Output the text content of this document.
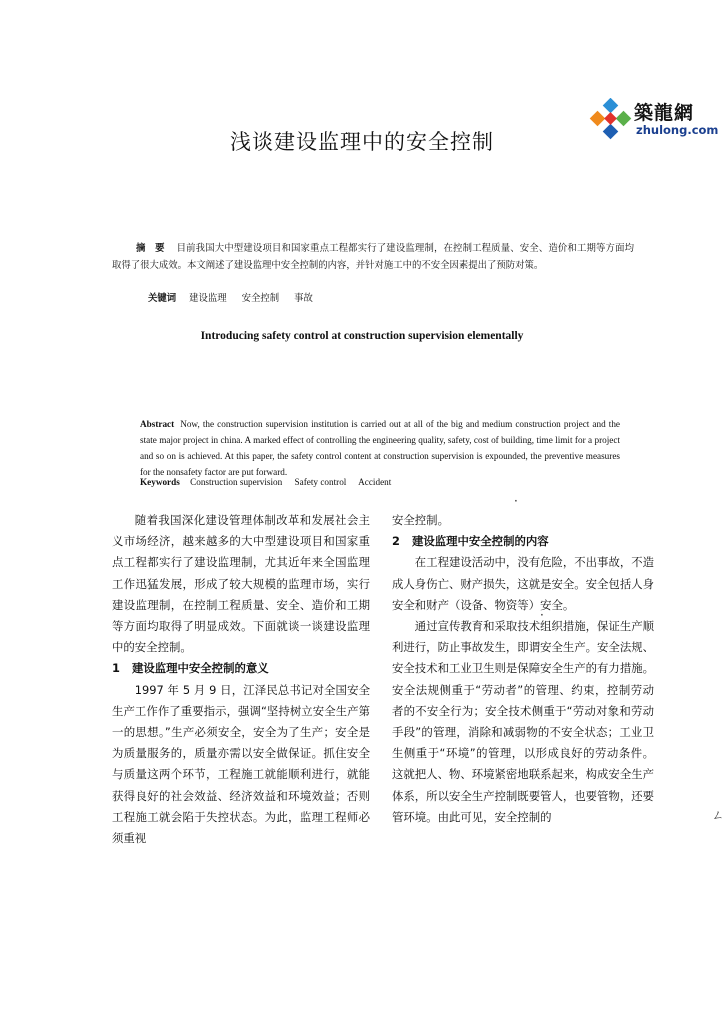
築龍網
zhulong.com
浅谈建设监理中的安全控制
摘　要 目前我国大中型建设项目和国家重点工程都实行了建设监理制，在控制工程质量、安全、造价和工期等方面均取得了很大成效。本文阐述了建设监理中安全控制的内容，并针对施工中的不安全因素提出了预防对策。
关键词 建设监理 安全控制 事故
Introducing safety control at construction supervision elementally
Abstract Now, the construction supervision institution is carried out at all of the big and medium construction project and the state major project in china. A marked effect of controlling the engineering quality, safety, cost of building, time limit for a project and so on is achieved. At this paper, the safety control content at construction supervision is expounded, the preventive measures for the nonsafety factor are put forward.
Keywords Construction supervision Safety control Accident

随着我国深化建设管理体制改革和发展社会主义市场经济，越来越多的大中型建设项目和国家重点工程都实行了建设监理制，尤其近年来全国监理工作迅猛发展，形成了较大规模的监理市场，实行建设监理制，在控制工程质量、安全、造价和工期等方面均取得了明显成效。下面就谈一谈建设监理中的安全控制。

1 建设监理中安全控制的意义

1997 年 5 月 9 日，江泽民总书记对全国安全生产工作作了重要指示，强调“坚持树立安全生产第一的思想。”生产必须安全，安全为了生产；安全是为质量服务的，质量亦需以安全做保证。抓住安全与质量这两个环节，工程施工就能顺利进行，就能获得良好的社会效益、经济效益和环境效益；否则工程施工就会陷于失控状态。为此，监理工程师必须重视

安全控制。

2 建设监理中安全控制的内容

在工程建设活动中，没有危险，不出事故，不造成人身伤亡、财产损失，这就是安全。安全包括人身安全和财产（设备、物资等）安全。

通过宣传教育和采取技术组织措施，保证生产顺利进行，防止事故发生，即谓安全生产。安全法规、安全技术和工业卫生则是保障安全生产的有力措施。安全法规侧重于“劳动者”的管理、约束，控制劳动者的不安全行为；安全技术侧重于“劳动对象和劳动手段”的管理，消除和减弱物的不安全状态；工业卫生侧重于“环境”的管理，以形成良好的劳动条件。这就把人、物、环境紧密地联系起来，构成安全生产体系，所以安全生产控制既要管人，也要管物，还要管环境。由此可见，安全控制的

·
·
ㄥ
